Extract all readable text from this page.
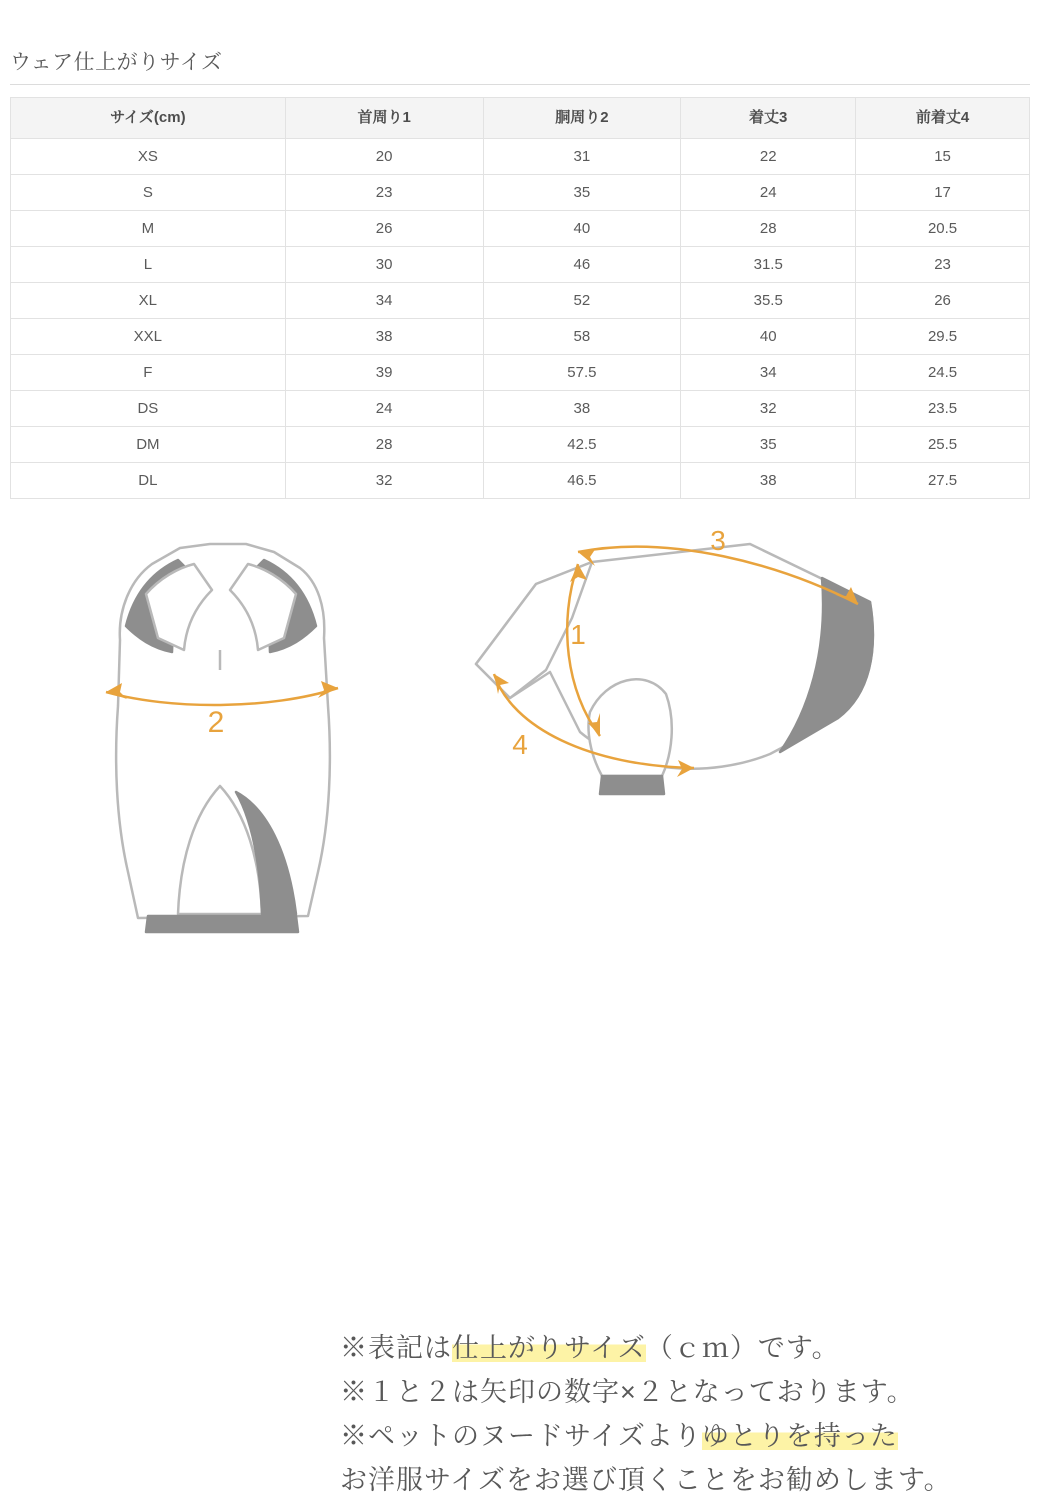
ウェア仕上がりサイズ
サイズ(cm)	首周り1	胴周り2	着丈3	前着丈4
XS	20	31	22	15
S	23	35	24	17
M	26	40	28	20.5
L	30	46	31.5	23
XL	34	52	35.5	26
XXL	38	58	40	29.5
F	39	57.5	34	24.5
DS	24	38	32	23.5
DM	28	42.5	35	25.5
DL	32	46.5	38	27.5
2
3
1
4
※表記は仕上がりサイズ（ｃｍ）です。
※１と２は矢印の数字×２となっております。
※ペットのヌードサイズよりゆとりを持った
お洋服サイズをお選び頂くことをお勧めします。
